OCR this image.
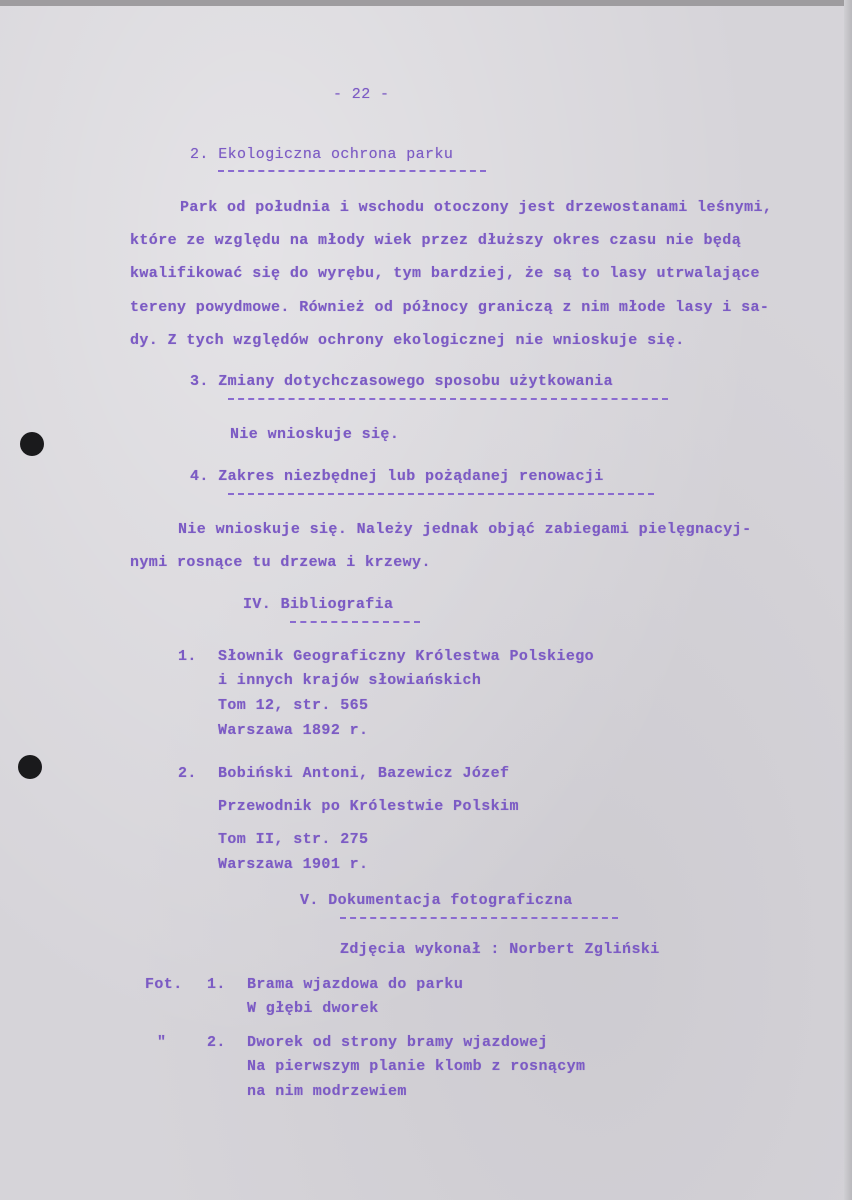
- 22 -
2. Ekologiczna ochrona parku
Park od południa i wschodu otoczony jest drzewostanami leśnymi,
które ze względu na młody wiek przez dłuższy okres czasu nie będą
kwalifikować się do wyrębu, tym bardziej, że są to lasy utrwalające
tereny powydmowe. Również od północy graniczą z nim młode lasy i sa-
dy. Z tych względów ochrony ekologicznej nie wnioskuje się.
3. Zmiany dotychczasowego sposobu użytkowania
Nie wnioskuje się.
4. Zakres niezbędnej lub pożądanej renowacji
Nie wnioskuje się. Należy jednak objąć zabiegami pielęgnacyj-
nymi rosnące tu drzewa i krzewy.
IV. Bibliografia
1. Słownik Geograficzny Królestwa Polskiego
i innych krajów słowiańskich
Tom 12, str. 565
Warszawa 1892 r.
2. Bobiński Antoni, Bazewicz Józef
Przewodnik po Królestwie Polskim
Tom II, str. 275
Warszawa 1901 r.
V. Dokumentacja fotograficzna
Zdjęcia wykonał : Norbert Zgliński
Fot. 1. Brama wjazdowa do parku
W głębi dworek
"	2. Dworek od strony bramy wjazdowej
Na pierwszym planie klomb z rosnącym
na nim modrzewiem
